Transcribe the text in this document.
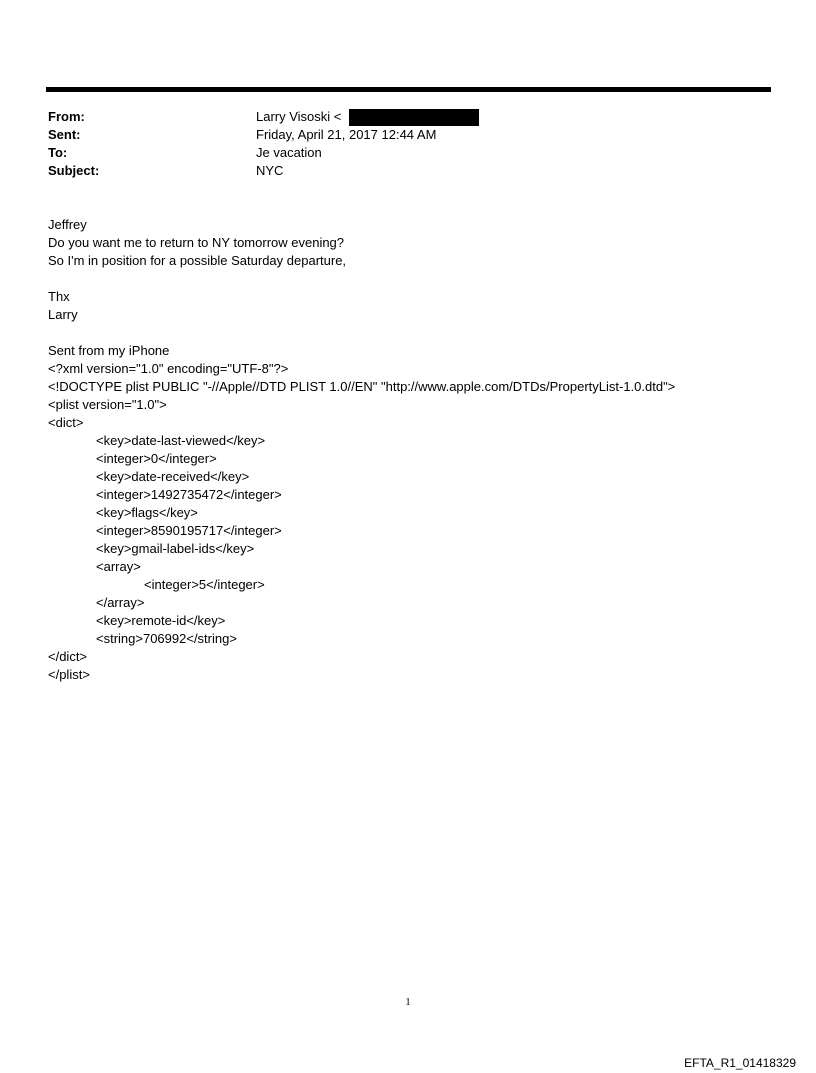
From:	Larry Visoski <
Sent:	Friday, April 21, 2017 12:44 AM
To:	Je vacation
Subject:	NYC
Jeffrey
Do you want me to return to NY tomorrow evening?
So I'm in position for a possible Saturday departure,
Thx
Larry
Sent from my iPhone
<?xml version="1.0" encoding="UTF-8"?>
<!DOCTYPE plist PUBLIC "-//Apple//DTD PLIST 1.0//EN" "http://www.apple.com/DTDs/PropertyList-1.0.dtd">
<plist version="1.0">
<dict>
<key>date-last-viewed</key>
<integer>0</integer>
<key>date-received</key>
<integer>1492735472</integer>
<key>flags</key>
<integer>8590195717</integer>
<key>gmail-label-ids</key>
<array>
<integer>5</integer>
</array>
<key>remote-id</key>
<string>706992</string>
</dict>
</plist>
1
EFTA_R1_01418329
